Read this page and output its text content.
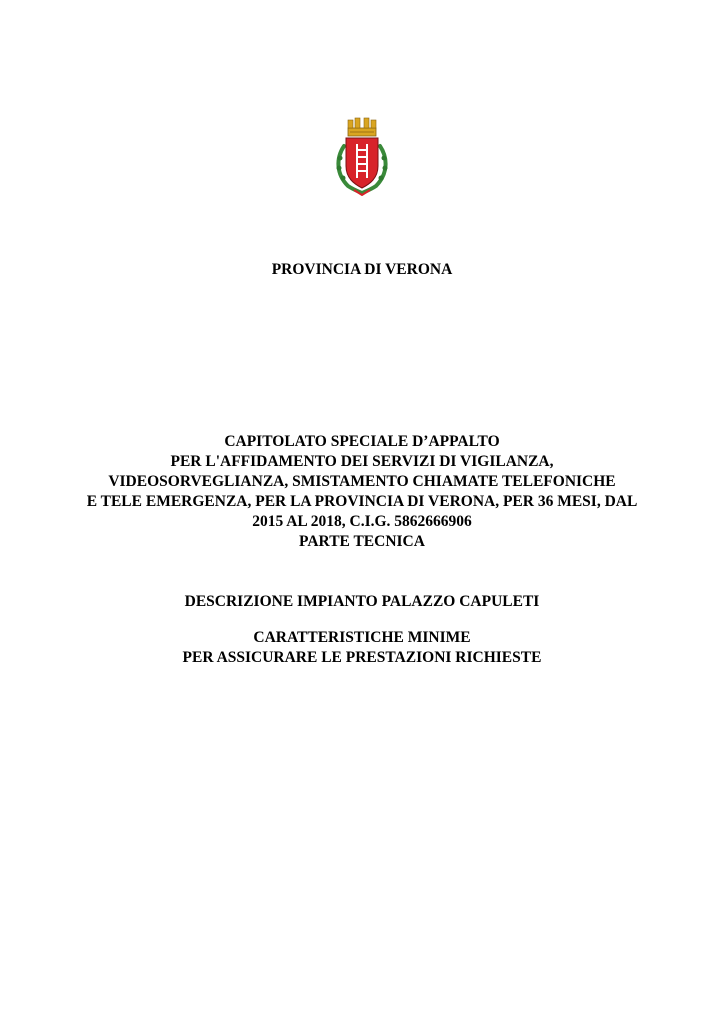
PROVINCIA DI VERONA

CAPITOLATO SPECIALE D’APPALTO
PER L'AFFIDAMENTO DEI SERVIZI DI VIGILANZA,
VIDEOSORVEGLIANZA, SMISTAMENTO CHIAMATE TELEFONICHE
E TELE EMERGENZA, PER LA PROVINCIA DI VERONA, PER 36 MESI, DAL
2015 AL 2018, C.I.G. 5862666906
PARTE TECNICA

DESCRIZIONE IMPIANTO PALAZZO CAPULETI

CARATTERISTICHE MINIME
PER ASSICURARE LE PRESTAZIONI RICHIESTE
